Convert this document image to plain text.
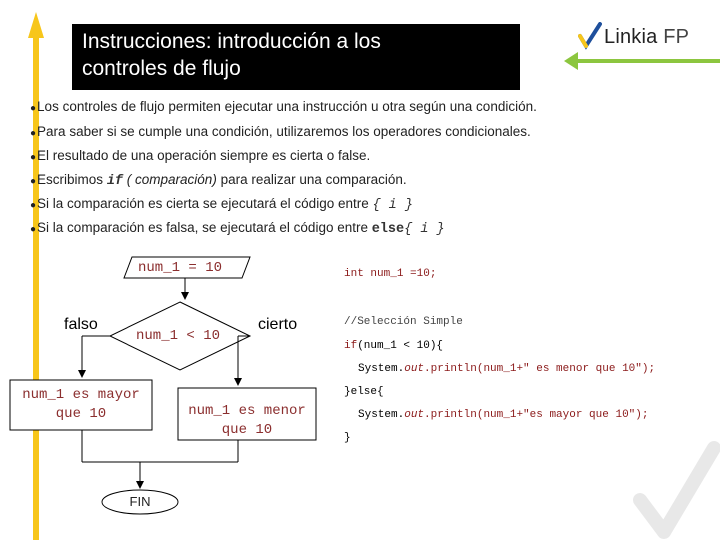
Instrucciones: introducción a los
controles de flujo
Linkia FP
●Los controles de flujo permiten ejecutar una instrucción u otra según una condición.
●Para saber si se cumple una condición, utilizaremos los operadores condicionales.
●El resultado de una operación siempre es cierta o false.
●Escribimos if ( comparación) para realizar una comparación.
●Si la comparación es cierta se ejecutará el código entre { i }
●Si la comparación es falsa, se ejecutará el código entre else{ i }
num_1 = 10
num_1 < 10
falso	cierto
num_1 es mayor
que 10	num_1 es menor
que 10
FIN
int num_1 =10;
//Selección Simple
if(num_1 < 10){
System.out.println(num_1+" es menor que 10");
}else{
System.out.println(num_1+"es mayor que 10");
}
